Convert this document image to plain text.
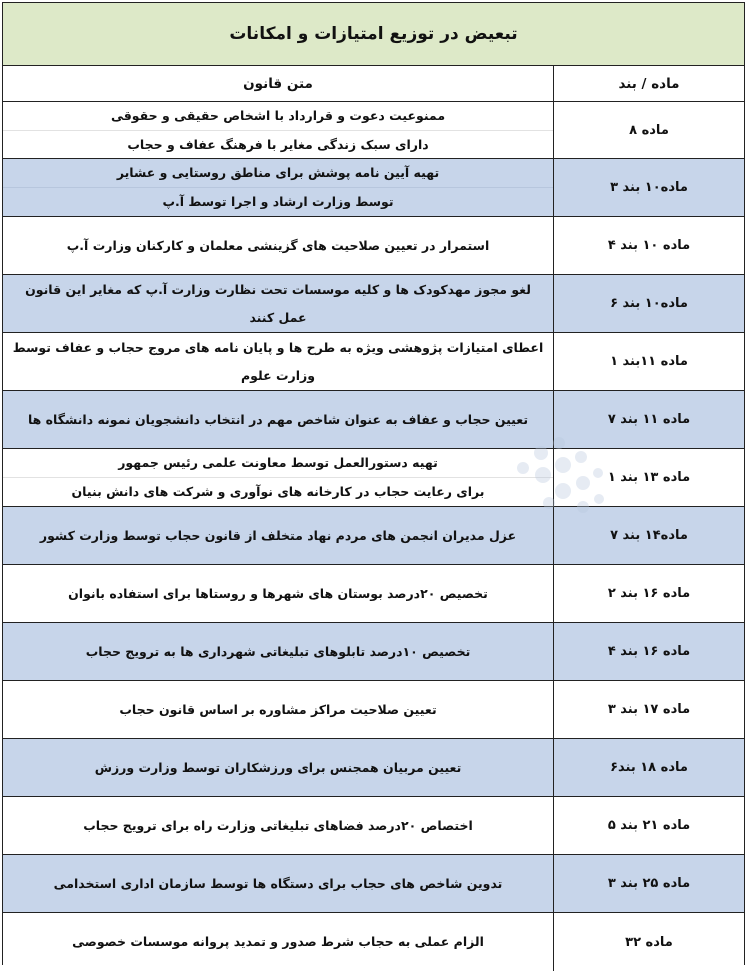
تبعیض در توزیع امتیازات و امکانات
ماده / بند
متن قانون
ماده ۸
ممنوعیت دعوت و قرارداد با اشخاص حقیقی و حقوقی
دارای سبک زندگی مغایر با فرهنگ عفاف و حجاب
ماده۱۰ بند ۳
تهیه آیین نامه پوشش برای مناطق روستایی و عشایر
توسط وزارت ارشاد و اجرا توسط آ.پ
ماده ۱۰ بند ۴
استمرار در تعیین صلاحیت های گزینشی معلمان و کارکنان وزارت آ.پ
ماده۱۰ بند ۶
لغو مجوز مهدکودک ها و کلیه موسسات تحت نظارت وزارت آ.پ که مغایر این قانون عمل کنند
ماده ۱۱بند ۱
اعطای امتیازات پژوهشی ویژه به طرح ها و پایان نامه های مروج حجاب و عفاف توسط وزارت علوم
ماده ۱۱ بند ۷
تعیین حجاب و عفاف به عنوان شاخص مهم در انتخاب دانشجویان نمونه دانشگاه ها
ماده ۱۳ بند ۱
تهیه دستورالعمل توسط معاونت علمی رئیس جمهور
برای رعایت حجاب در کارخانه های نوآوری و شرکت های دانش بنیان
ماده۱۴ بند ۷
عزل مدیران انجمن های مردم نهاد متخلف از قانون حجاب توسط وزارت کشور
ماده ۱۶ بند ۲
تخصیص ۲۰درصد بوستان های شهرها و روستاها برای استفاده بانوان
ماده ۱۶ بند ۴
تخصیص ۱۰درصد تابلوهای تبلیغاتی شهرداری ها به ترویج حجاب
ماده ۱۷ بند ۳
تعیین صلاحیت مراکز مشاوره بر اساس قانون حجاب
ماده ۱۸ بند۶
تعیین مربیان همجنس برای ورزشکاران توسط وزارت ورزش
ماده ۲۱ بند ۵
اختصاص ۲۰درصد فضاهای تبلیغاتی وزارت راه برای ترویج حجاب
ماده ۲۵ بند ۳
تدوین شاخص های حجاب برای دستگاه ها توسط سازمان اداری استخدامی
ماده ۳۲
الزام عملی به حجاب شرط صدور و تمدید پروانه موسسات خصوصی
